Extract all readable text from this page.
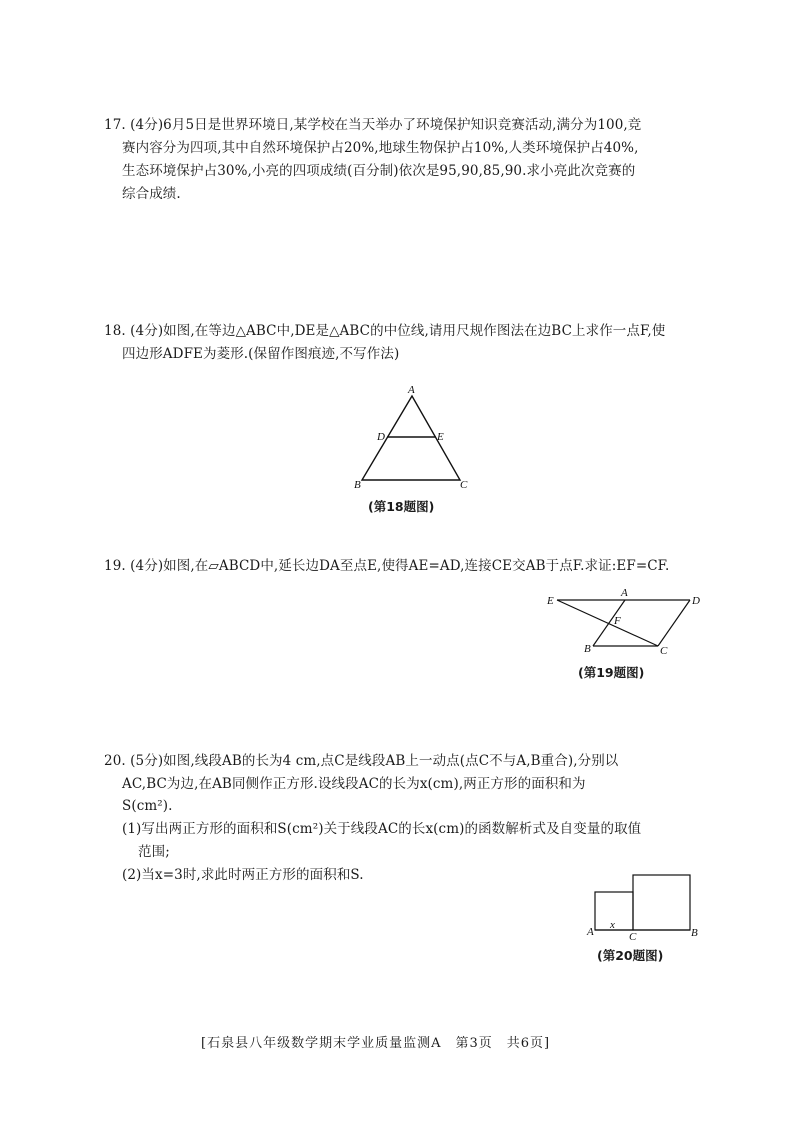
17. (4分)6月5日是世界环境日,某学校在当天举办了环境保护知识竞赛活动,满分为100,竞
赛内容分为四项,其中自然环境保护占20%,地球生物保护占10%,人类环境保护占40%,
生态环境保护占30%,小亮的四项成绩(百分制)依次是95,90,85,90.求小亮此次竞赛的
综合成绩.
18. (4分)如图,在等边△ABC中,DE是△ABC的中位线,请用尺规作图法在边BC上求作一点F,使
四边形ADFE为菱形.(保留作图痕迹,不写作法)
A
B	C
D	E
(第18题图)
19. (4分)如图,在▱ABCD中,延长边DA至点E,使得AE=AD,连接CE交AB于点F.求证:EF=CF.
E
A
D
F
B	C
(第19题图)
20. (5分)如图,线段AB的长为4 cm,点C是线段AB上一动点(点C不与A,B重合),分别以
AC,BC为边,在AB同侧作正方形.设线段AC的长为x(cm),两正方形的面积和为
S(cm²).
(1)写出两正方形的面积和S(cm²)关于线段AC的长x(cm)的函数解析式及自变量的取值
范围;
(2)当x=3时,求此时两正方形的面积和S.
x
A	C	B
(第20题图)
[石泉县八年级数学期末学业质量监测A　第3页　共6页]
